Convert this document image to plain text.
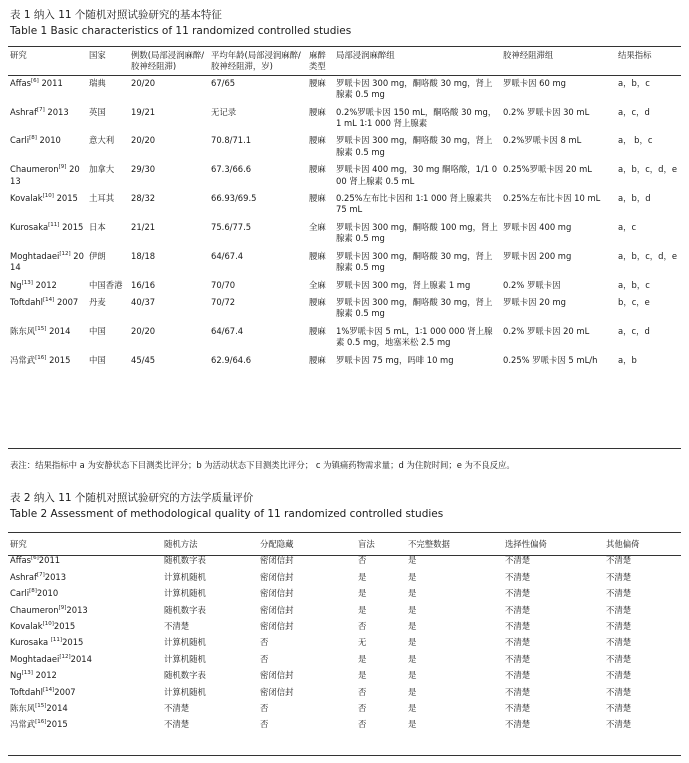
表 1 纳入 11 个随机对照试验研究的基本特征
Table 1 Basic characteristics of 11 randomized controlled studies
研究	国家	例数(局部浸润麻醉/胶神经阻滞)	平均年龄(局部浸润麻醉/胶神经阻滞，岁)	麻醉类型	局部浸润麻醉组	胶神经阻滞组	结果指标
Affas[6] 2011	瑞典	20/20	67/65	腰麻	罗哌卡因 300 mg，酮咯酸 30 mg，肾上腺素 0.5 mg	罗哌卡因 60 mg	a，b，c
Ashraf[7] 2013	英国	19/21	无记录	腰麻	0.2%罗哌卡因 150 mL，酮咯酸 30 mg，1 mL 1∶1 000 肾上腺素	0.2% 罗哌卡因 30 mL	a，c，d
Carli[8] 2010	意大利	20/20	70.8/71.1	腰麻	罗哌卡因 300 mg，酮咯酸 30 mg，肾上腺素 0.5 mg	0.2%罗哌卡因 8 mL	a， b，c
Chaumeron[9] 2013	加拿大	29/30	67.3/66.6	腰麻	罗哌卡因 400 mg，30 mg 酮咯酸，1/1 000 肾上腺素 0.5 mL	0.25%罗哌卡因 20 mL	a，b，c，d，e
Kovalak[10] 2015	土耳其	28/32	66.93/69.5	腰麻	0.25%左布比卡因和 1∶1 000 肾上腺素共 75 mL	0.25%左布比卡因 10 mL	a，b，d
Kurosaka[11] 2015	日本	21/21	75.6/77.5	全麻	罗哌卡因 300 mg，酮咯酸 100 mg，肾上腺素 0.5 mg	罗哌卡因 400 mg	a，c
Moghtadaei[12] 2014	伊朗	18/18	64/67.4	腰麻	罗哌卡因 300 mg，酮咯酸 30 mg，肾上腺素 0.5 mg	罗哌卡因 200 mg	a，b，c，d，e
Ng[13] 2012	中国香港	16/16	70/70	全麻	罗哌卡因 300 mg，肾上腺素 1 mg	0.2% 罗哌卡因	a，b，c
Toftdahl[14] 2007	丹麦	40/37	70/72	腰麻	罗哌卡因 300 mg，酮咯酸 30 mg，肾上腺素 0.5 mg	罗哌卡因 20 mg	b，c，e
陈东风[15] 2014	中国	20/20	64/67.4	腰麻	1%罗哌卡因 5 mL，1∶1 000 000 肾上腺素 0.5 mg，地塞米松 2.5 mg	0.2% 罗哌卡因 20 mL	a，c，d
冯常武[16] 2015	中国	45/45	62.9/64.6	腰麻	罗哌卡因 75 mg，吗啡 10 mg	0.25% 罗哌卡因 5 mL/h	a，b
表注：结果指标中 a 为安静状态下目测类比评分；b 为活动状态下目测类比评分； c 为镇痛药物需求量；d 为住院时间；e 为不良反应。
表 2 纳入 11 个随机对照试验研究的方法学质量评价
Table 2 Assessment of methodological quality of 11 randomized controlled studies
研究	随机方法	分配隐藏	盲法	不完整数据	选择性偏倚	其他偏倚
Affas[6]2011	随机数字表	密闭信封	否	是	不清楚	不清楚
Ashraf[7]2013	计算机随机	密闭信封	是	是	不清楚	不清楚
Carli[8]2010	计算机随机	密闭信封	是	是	不清楚	不清楚
Chaumeron[9]2013	随机数字表	密闭信封	是	是	不清楚	不清楚
Kovalak[10]2015	不清楚	密闭信封	否	是	不清楚	不清楚
Kurosaka [11]2015	计算机随机	否	无	是	不清楚	不清楚
Moghtadaei[12]2014	计算机随机	否	是	是	不清楚	不清楚
Ng[13] 2012	随机数字表	密闭信封	是	是	不清楚	不清楚
Toftdahl[14]2007	计算机随机	密闭信封	否	是	不清楚	不清楚
陈东风[15]2014	不清楚	否	否	是	不清楚	不清楚
冯常武[16]2015	不清楚	否	否	是	不清楚	不清楚
